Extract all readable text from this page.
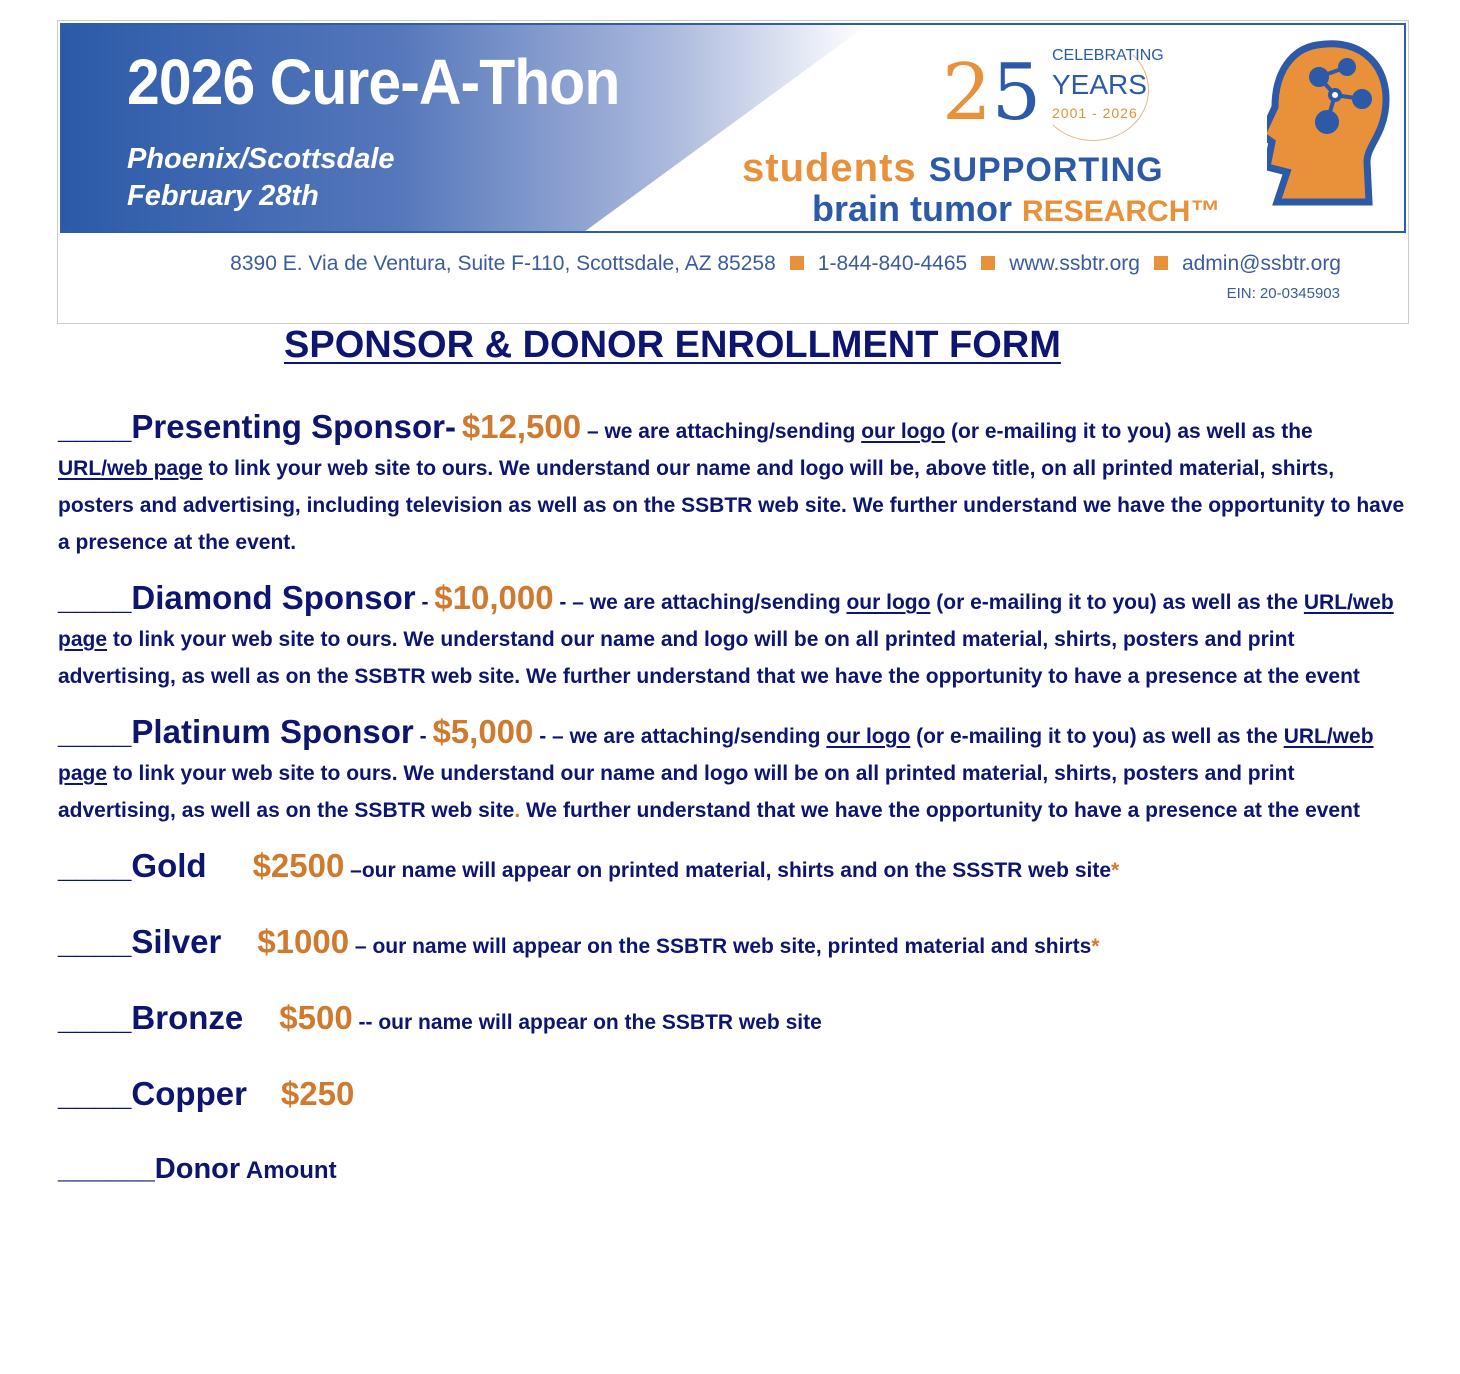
2026 Cure-A-Thon
Phoenix/Scottsdale
February 28th
25 CELEBRATING
YEARS
2001 - 2026
students SUPPORTING
brain tumor RESEARCH™
8390 E. Via de Ventura, Suite F-110, Scottsdale, AZ 85258 1-844-840-4465 www.ssbtr.org admin@ssbtr.org
EIN: 20-0345903
SPONSOR & DONOR ENROLLMENT FORM
____Presenting Sponsor- $12,500 – we are attaching/sending our logo (or e-mailing it to you) as well as the URL/web page to link your web site to ours. We understand our name and logo will be, above title, on all printed material, shirts, posters and advertising, including television as well as on the SSBTR web site. We further understand we have the opportunity to have a presence at the event.
____Diamond Sponsor - $10,000 - – we are attaching/sending our logo (or e-mailing it to you) as well as the URL/web page to link your web site to ours. We understand our name and logo will be on all printed material, shirts, posters and print advertising, as well as on the SSBTR web site. We further understand that we have the opportunity to have a presence at the event
____Platinum Sponsor - $5,000 - – we are attaching/sending our logo (or e-mailing it to you) as well as the URL/web page to link your web site to ours. We understand our name and logo will be on all printed material, shirts, posters and print advertising, as well as on the SSBTR web site. We further understand that we have the opportunity to have a presence at the event
____Gold $2500 –our name will appear on printed material, shirts and on the SSSTR web site*
____Silver $1000 – our name will appear on the SSBTR web site, printed material and shirts*
____Bronze $500 -- our name will appear on the SSBTR web site
____Copper $250
______Donor Amount
